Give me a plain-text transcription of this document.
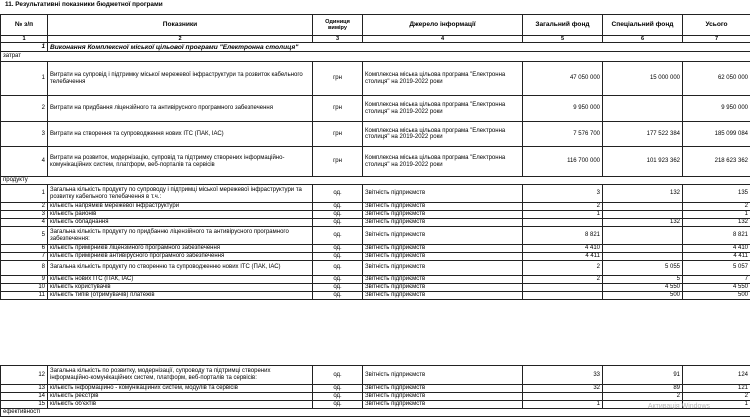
11. Результативні показники бюджетної програми
№ з/п	Показники	Одиниця виміру	Джерело інформації	Загальний фонд	Спеціальний фонд	Усього
1	2	3	4	5	6	7
1	Виконання Комплексної міської цільової програми "Електронна столиця"					
затрат						
1	Витрати на супровід і підтримку міської мережевої інфраструктури та розвиток кабельного телебачення	грн	Комплексна міська цільова програма "Електронна столиця" на 2019-2022 роки	47 050 000	15 000 000	62 050 000
2	Витрати на придбання ліцензійного та антивірусного програмного забезпечення	грн	Комплексна міська цільова програма "Електронна столиця" на 2019-2022 роки	9 950 000		9 950 000
3	Витрати на створення та супроводження нових ІТС (ПАК, ІАС)	грн	Комплексна міська цільова програма "Електронна столиця" на 2019-2022 роки	7 576 700	177 522 384	185 099 084
4	Витрати на розвиток, модернізацію, супровід та підтримку створених інформаційно-комунікаційних систем, платформ, веб-порталів та сервісів	грн	Комплексна міська цільова програма "Електронна столиця" на 2019-2022 роки	116 700 000	101 923 362	218 623 362
продукту						
1	Загальна кількість продукту по супроводу і підтримці міської мережевої інфраструктури та розвитку кабельного телебачення в т.ч.:	од.	Звітність підприємств	3	132	135
2	кількість напрямків мережевої інфраструктури	од.	Звітність підприємств	2		2
3	кількість районів	од.	Звітність підприємств	1		1
4	кількість обладнання	од.	Звітність підприємств		132	132
5	Загальна кількість продукту по придбанню ліцензійного та антивірусного програмного забезпечення:	од.	Звітність підприємств	8 821		8 821
6	кількість примірників ліцензійного програмного забезпечення	од.	Звітність підприємств	4 410		4 410
7	кількість примірників антивірусного програмного забезпечення	од.	Звітність підприємств	4 411		4 411
8	Загальна кількість продукту по створенню та супроводженню нових ІТС (ПАК, ІАС)	од.	Звітність підприємств	2	5 055	5 057
9	кількість нових ІТС (ПАК, ІАС)	од.	Звітність підприємств	2	5	7
10	кількість користувачів	од.	Звітність підприємств		4 550	4 550
11	кількість типів (отримувачів) платежів	од.	Звітність підприємств		500	500
12	Загальна кількість по розвитку, модернізації, супроводу та підтримці створених інформаційно-комунікаційних систем, платформ, веб-порталів та сервісів:	од.	Звітність підприємств	33	91	124
13	кількість інформаційно - комунікаційних систем, модулів та сервісів	од.	Звітність підприємств	32	89	121
14	кількість реєстрів	од.	Звітність підприємств		2	2
15	кількість об'єктів	од.	Звітність підприємств	1		1
ефективності						
Активація Windows
